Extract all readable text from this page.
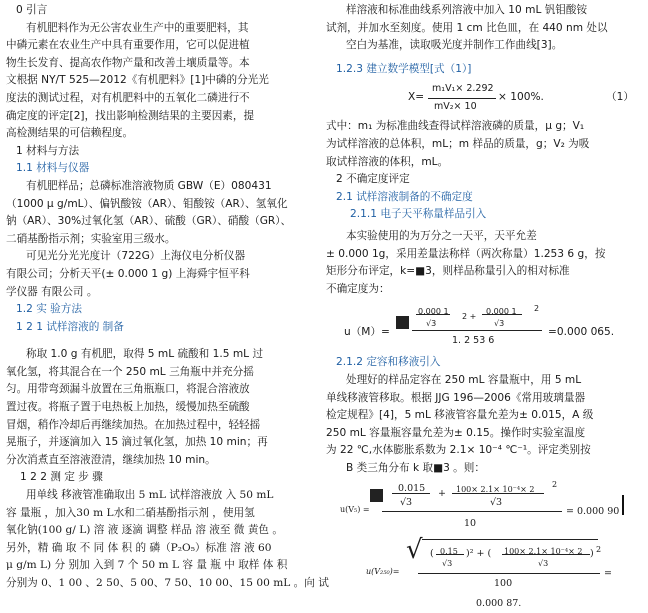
0 引言

有机肥料作为无公害农业生产中的重要肥料，其

中磷元素在农业生产中具有重要作用，它可以促进植

物生长发育、提高农作物产量和改善土壤质量等。本

文根据 NY/T 525—2012《有机肥料》[1]中磷的分光光

度法的测试过程，对有机肥料中的五氧化二磷进行不

确定度的评定[2]，找出影响检测结果的主要因素，提

高检测结果的可信赖程度。

1 材料与方法

1.1 材料与仪器

有机肥样品；总磷标准溶液物质 GBW（E）080431

（1000 μ g/mL）、偏钒酸铵（AR）、钼酸铵（AR）、氢氧化

钠（AR）、30%过氧化氢（AR）、硫酸（GR）、硝酸（GR）、

二硝基酚指示剂；实验室用三级水。

可见光分光光度计（722G）上海仪电分析仪器

有限公司；分析天平(± 0.000 1 g) 上海舜宇恒平科

学仪器 有限公司 。

1.2 实 验方法

1 2 1 试样溶液的 制备

称取 1.0 g 有机肥，取得 5 mL 硫酸和 1.5 mL 过

氧化氢，将其混合在一个 250 mL 三角瓶中并充分摇

匀。用带弯颈漏斗放置在三角瓶瓶口，将混合溶液放

置过夜。将瓶子置于电热板上加热，缓慢加热至硫酸

冒烟，稍作冷却后再继续加热。在加热过程中，轻轻摇

晃瓶子，并逐滴加入 15 滴过氧化氢，加热 10 min；再

分次消煮直至溶液澄清，继续加热 10 min。

1 2 2 测 定 步 骤

用单线 移液管准确取出 5 mL 试样溶液放 入 50 mL

容 量瓶 ，加入30 m L水和二硝基酚指示剂 ，使用氢

氧化钠(100 g/ L) 溶 液 逐滴 调整 样品 溶 液至 微 黄色 。

另外，精 确 取 不 同 体 积 的 磷（P₂O₅）标准 溶 液 60

μ g/m L) 分 别加 入到 7 个 50 m L 容 量 瓶 中 取样 体 积

分别为 0、1 00 、2 50、5 00、7 50、10 00、15 00 mL 。向 试

样溶液和标准曲线系列溶液中加入 10 mL 钒钼酸铵

试剂，并加水至刻度。使用 1 cm 比色皿，在 440 nm 处以

空白为基准，读取吸光度并制作工作曲线[3]。

1.2.3 建立数学模型[式（1）]

X=
m₁V₁× 2.292
mV₂× 10
× 100%.	（1）

式中：m₁ 为标准曲线查得试样溶液磷的质量，μ g；V₁

为试样溶液的总体积，mL；m 样品的质量，g；V₂ 为吸

取试样溶液的体积，mL。

2 不确定度评定

2.1 试样溶液制备的不确定度

2.1.1 电子天平称量样品引入

本实验使用的为万分之一天平，天平允差

± 0.000 1g，采用差量法称样（两次称量）1.253 6 g，按

矩形分布评定，k=■3，则样品称量引入的相对标准

不确定度为：

u（M）=
0.000 1
√3
2 +
0.000 1
√3
2
1. 2 53 6
=0.000 065.

2.1.2 定容和移液引入

处理好的样品定容在 250 mL 容量瓶中，用 5 mL

单线移液管移取。根据 JJG 196—2006《常用玻璃量器

检定规程》[4]，5 mL 移液管容量允差为± 0.015，A 级

250 mL 容量瓶容量允差为± 0.15。操作时实验室温度

为 22 ℃,水体膨胀系数为 2.1× 10⁻⁴ ℃⁻¹。评定类别按

B 类三角分布 k 取■3 。则：

u(V₅) =
0.015
√3
+ 100× 2.1× 10⁻⁴× 2
√3
2
10
= 0.000 90
u(V₂₅₀)=
√ ( 0.15
√3
)² + ( 100× 2.1× 10⁻⁴× 2
√3
) 2
100
=

0.000 87.
